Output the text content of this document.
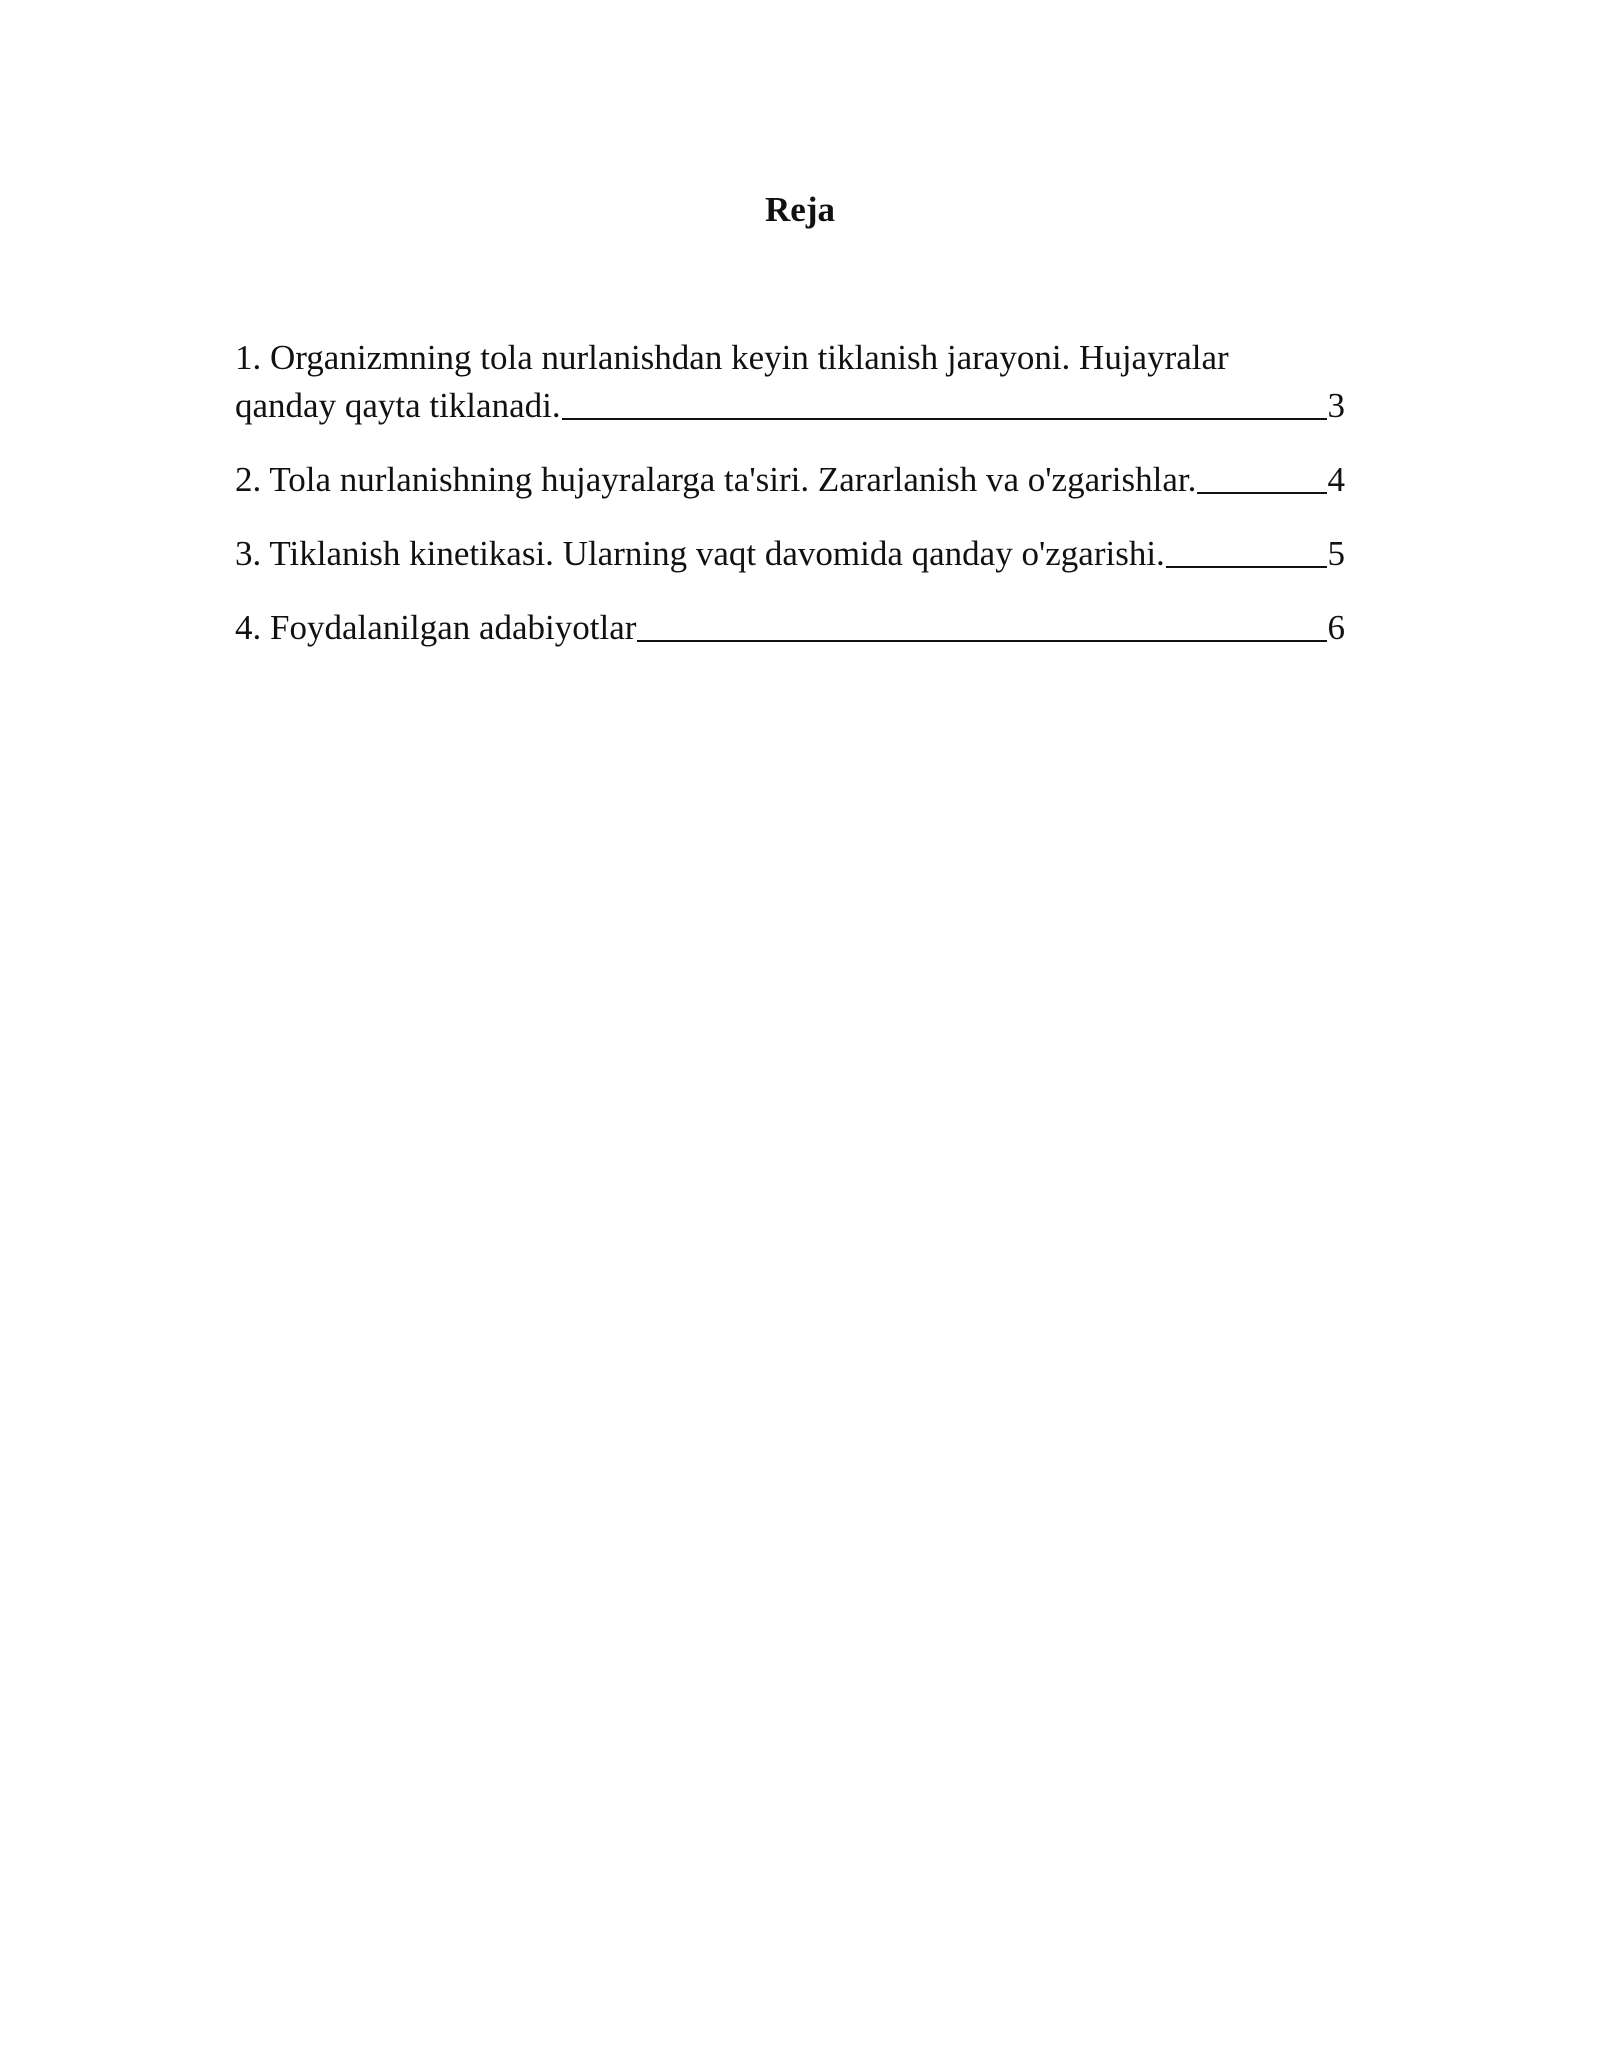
Reja
1. Organizmning tola nurlanishdan keyin tiklanish jarayoni. Hujayralar
qanday qayta tiklanadi.	3
2. Tola nurlanishning hujayralarga ta'siri. Zararlanish va o'zgarishlar.	4
3. Tiklanish kinetikasi. Ularning vaqt davomida qanday o'zgarishi.	5
4. Foydalanilgan adabiyotlar	6
